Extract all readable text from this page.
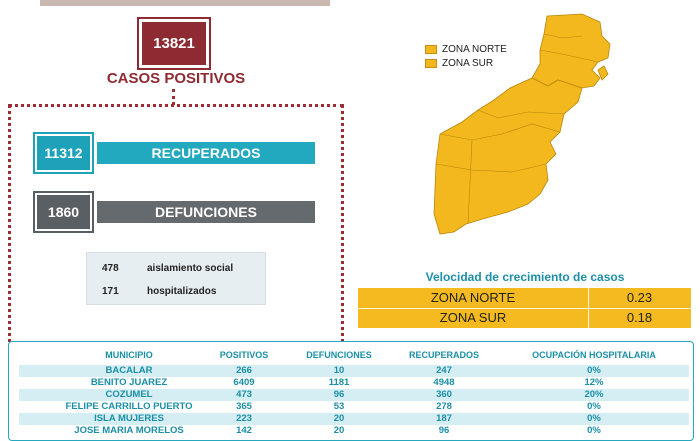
13821
CASOS POSITIVOS
11312	RECUPERADOS
1860	DEFUNCIONES
478	aislamiento social
171	hospitalizados
ZONA NORTE
ZONA SUR
Velocidad de crecimiento de casos
ZONA NORTE	0.23
ZONA SUR	0.18
MUNICIPIO	POSITIVOS	DEFUNCIONES	RECUPERADOS	OCUPACIÓN HOSPITALARIA
BACALAR	266	10	247	0%
BENITO JUAREZ	6409	1181	4948	12%
COZUMEL	473	96	360	20%
FELIPE CARRILLO PUERTO	365	53	278	0%
ISLA MUJERES	223	20	187	0%
JOSE MARIA MORELOS	142	20	96	0%
